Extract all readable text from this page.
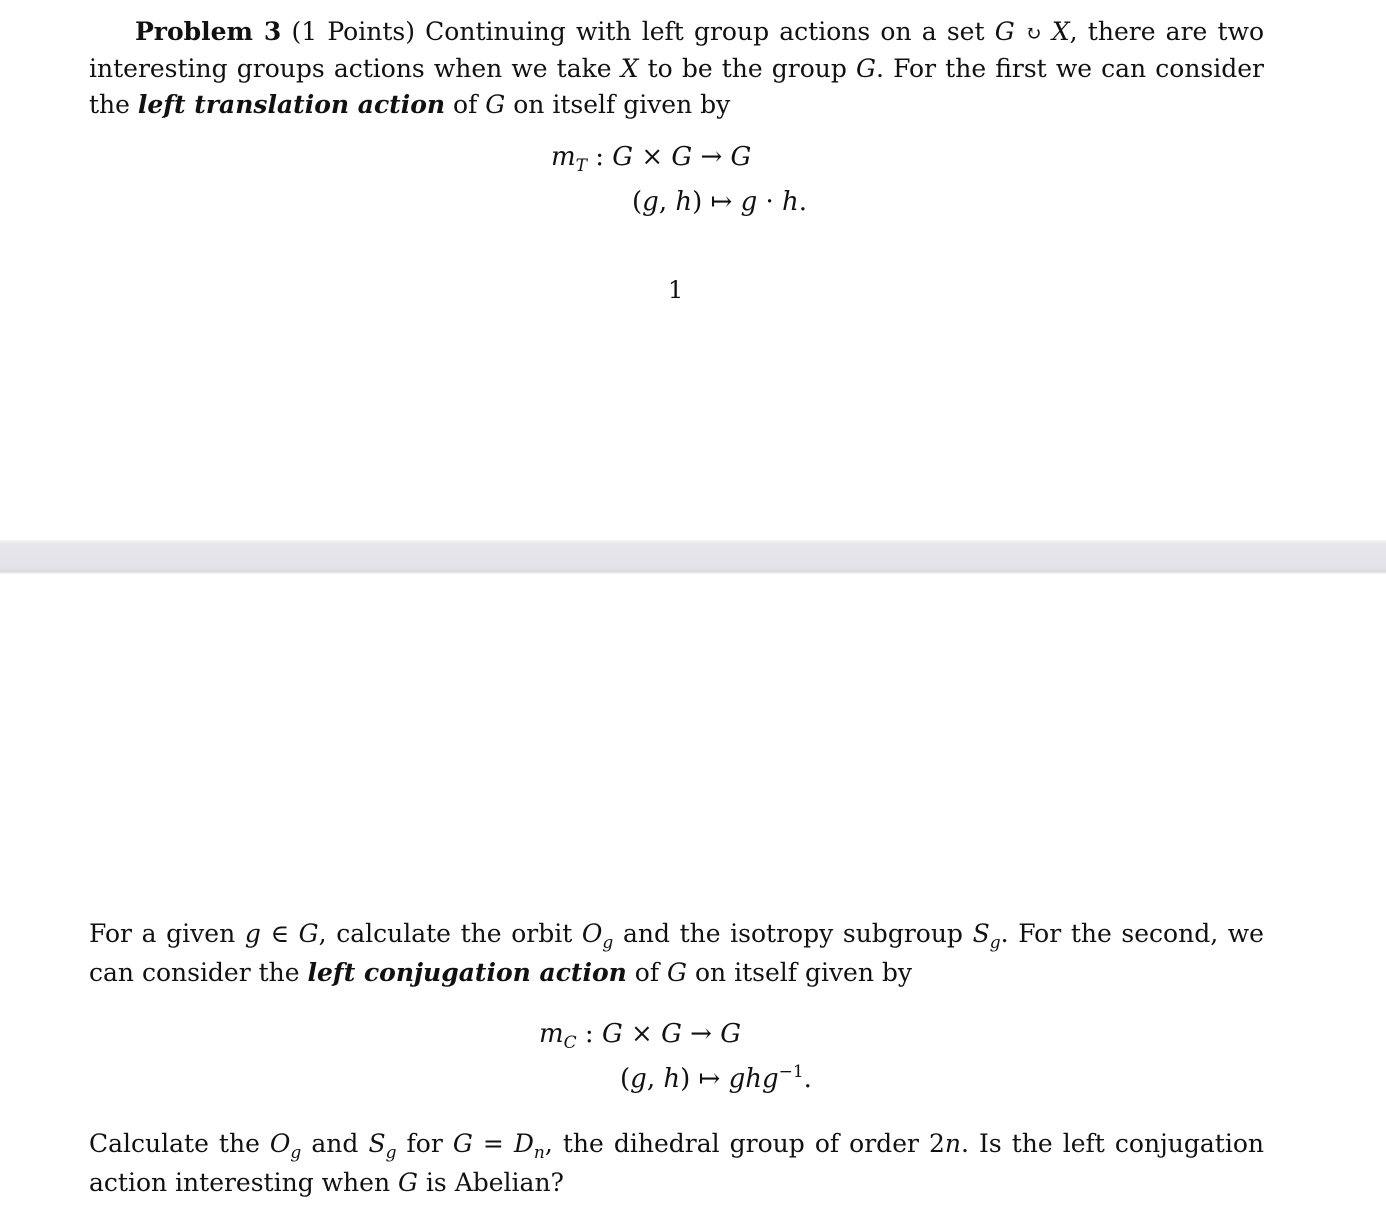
Problem 3 (1 Points) Continuing with left group actions on a set G ↻ X, there are two interesting groups actions when we take X to be the group G. For the first we can consider the left translation action of G on itself given by

$m_T$ : G × G → G
(g, h) ↦ g · h.
1

For a given g ∈ G, calculate the orbit $O_g$ and the isotropy subgroup $S_g$. For the second, we can consider the left conjugation action of G on itself given by

$m_C$ : G × G → G
(g, h) ↦ ghg$^{-1}$.

Calculate the $O_g$ and $S_g$ for $G = D_n$, the dihedral group of order 2n. Is the left conjugation action interesting when G is Abelian?
